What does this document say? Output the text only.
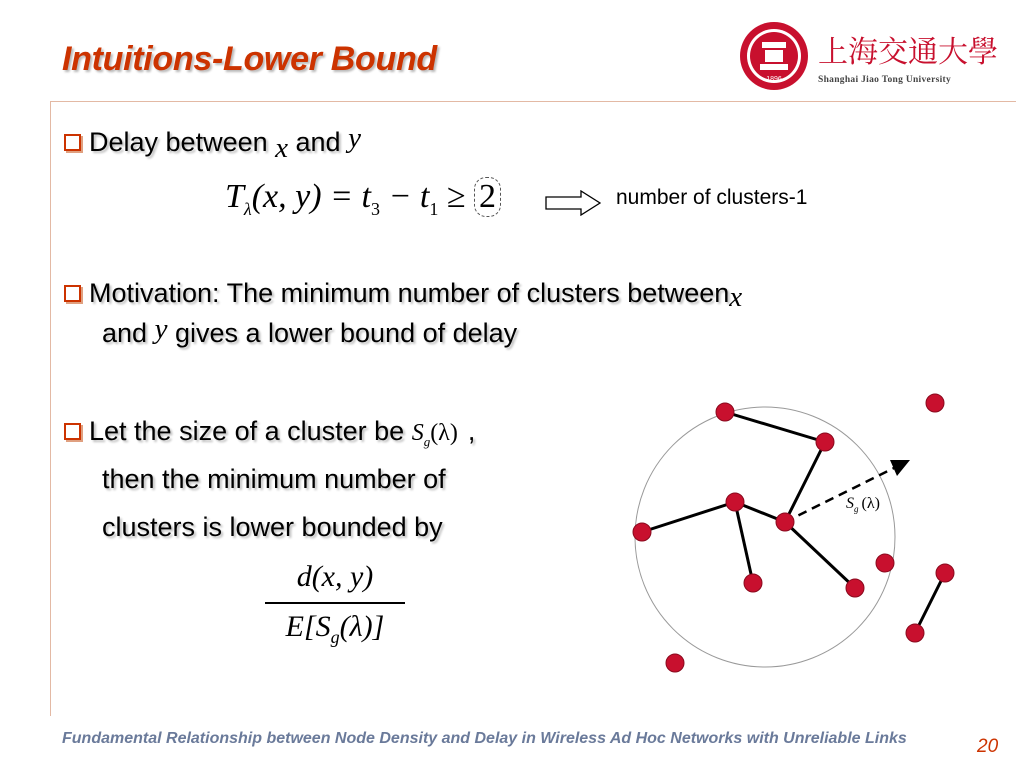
Intuitions-Lower Bound
1896
上海交通大學
Shanghai Jiao Tong University
Delay between x and y
$T_\lambda(x$, $y) = t_3 - t_1 \ge 2$	number of clusters-1
Motivation: The minimum number of clusters betweenx
and y gives a lower bound of delay
Let the size of a cluster be $S_g(\lambda)$ ,
then the minimum number of
clusters is lower bounded by
d(x, y)
$E[S_g(\lambda)]$
$S_g$ (λ)
Fundamental Relationship between Node Density and Delay in Wireless Ad Hoc Networks with Unreliable Links	20
